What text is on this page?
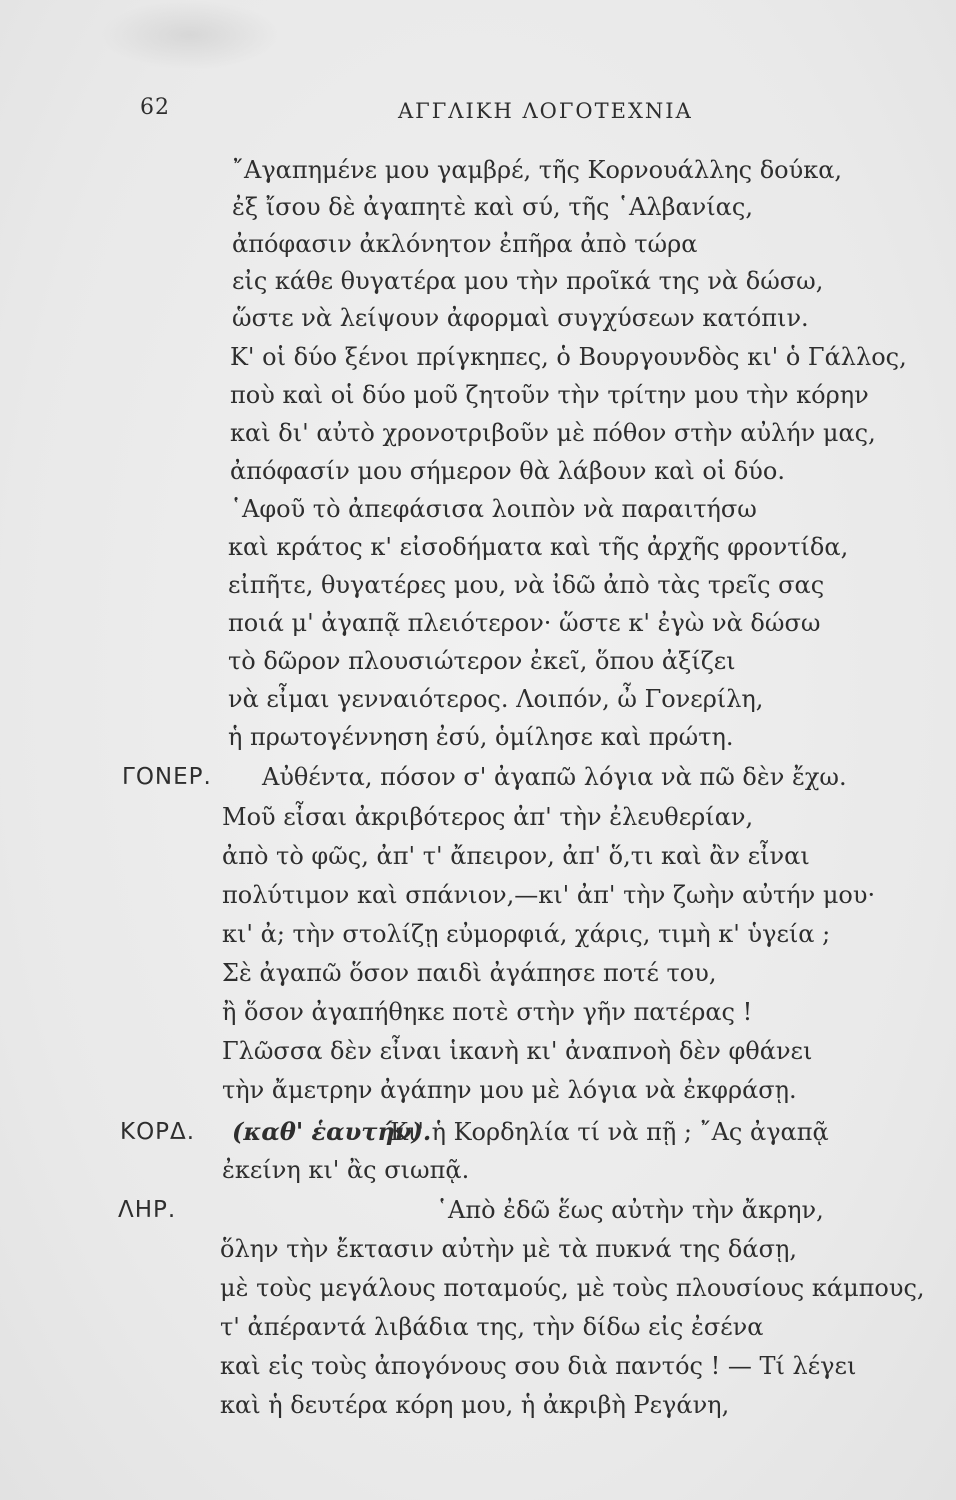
62	ΑΓΓΛΙΚΗ ΛΟΓΟΤΕΧΝΙΑ
῎Αγαπημένε μου γαμβρέ, τῆς Κορνουάλλης δούκα,
ἐξ ἴσου δὲ ἀγαπητὲ καὶ σύ, τῆς ῾Αλβανίας,
ἀπόφασιν ἀκλόνητον ἐπῆρα ἀπὸ τώρα
εἰς κάθε θυγατέρα μου τὴν προῖκά της νὰ δώσω,
ὥστε νὰ λείψουν ἀφορμαὶ συγχύσεων κατόπιν.
Κ' οἱ δύο ξένοι πρίγκηπες, ὁ Βουργουνδὸς κι' ὁ Γάλλος,
ποὺ καὶ οἱ δύο μοῦ ζητοῦν τὴν τρίτην μου τὴν κόρην
καὶ δι' αὐτὸ χρονοτριβοῦν μὲ πόθον στὴν αὐλήν μας,
ἀπόφασίν μου σήμερον θὰ λάβουν καὶ οἱ δύο.
῾Αφοῦ τὸ ἀπεφάσισα λοιπὸν νὰ παραιτήσω
καὶ κράτος κ' εἰσοδήματα καὶ τῆς ἀρχῆς φροντίδα,
εἰπῆτε, θυγατέρες μου, νὰ ἰδῶ ἀπὸ τὰς τρεῖς σας
ποιά μ' ἀγαπᾷ πλειότερον· ὥστε κ' ἐγὼ νὰ δώσω
τὸ δῶρον πλουσιώτερον ἐκεῖ, ὅπου ἀξίζει
νὰ εἶμαι γενναιότερος. Λοιπόν, ὦ Γονερίλη,
ἡ πρωτογέννηση ἐσύ, ὁμίλησε καὶ πρώτη.
ΓΟΝΕΡ. Αὐθέντα, πόσον σ' ἀγαπῶ λόγια νὰ πῶ δὲν ἔχω.
Μοῦ εἶσαι ἀκριβότερος ἀπ' τὴν ἐλευθερίαν,
ἀπὸ τὸ φῶς, ἀπ' τ' ἄπειρον, ἀπ' ὅ,τι καὶ ἂν εἶναι
πολύτιμον καὶ σπάνιον,—κι' ἀπ' τὴν ζωὴν αὐτήν μου·
κι' ἀ; τὴν στολίζῃ εὐμορφιά, χάρις, τιμὴ κ' ὑγεία ;
Σὲ ἀγαπῶ ὅσον παιδὶ ἀγάπησε ποτέ του,
ἢ ὅσον ἀγαπήθηκε ποτὲ στὴν γῆν πατέρας !
Γλῶσσα δὲν εἶναι ἱκανὴ κι' ἀναπνοὴ δὲν φθάνει
τὴν ἄμετρην ἀγάπην μου μὲ λόγια νὰ ἐκφράσῃ.
ΚΟΡΔ. (καθ' ἑαυτήν).
Κι' ἡ Κορδηλία τί νὰ πῇ ; ῎Ας ἀγαπᾷ
ἐκείνη κι' ἂς σιωπᾷ.
ΛΗΡ.	῾Απὸ ἐδῶ ἕως αὐτὴν τὴν ἄκρην,
ὅλην τὴν ἔκτασιν αὐτὴν μὲ τὰ πυκνά της δάσῃ,
μὲ τοὺς μεγάλους ποταμούς, μὲ τοὺς πλουσίους κάμπους,
τ' ἀπέραντά λιβάδια της, τὴν δίδω εἰς ἐσένα
καὶ εἰς τοὺς ἀπογόνους σου διὰ παντός ! — Τί λέγει
καὶ ἡ δευτέρα κόρη μου, ἡ ἀκριβὴ Ρεγάνη,
